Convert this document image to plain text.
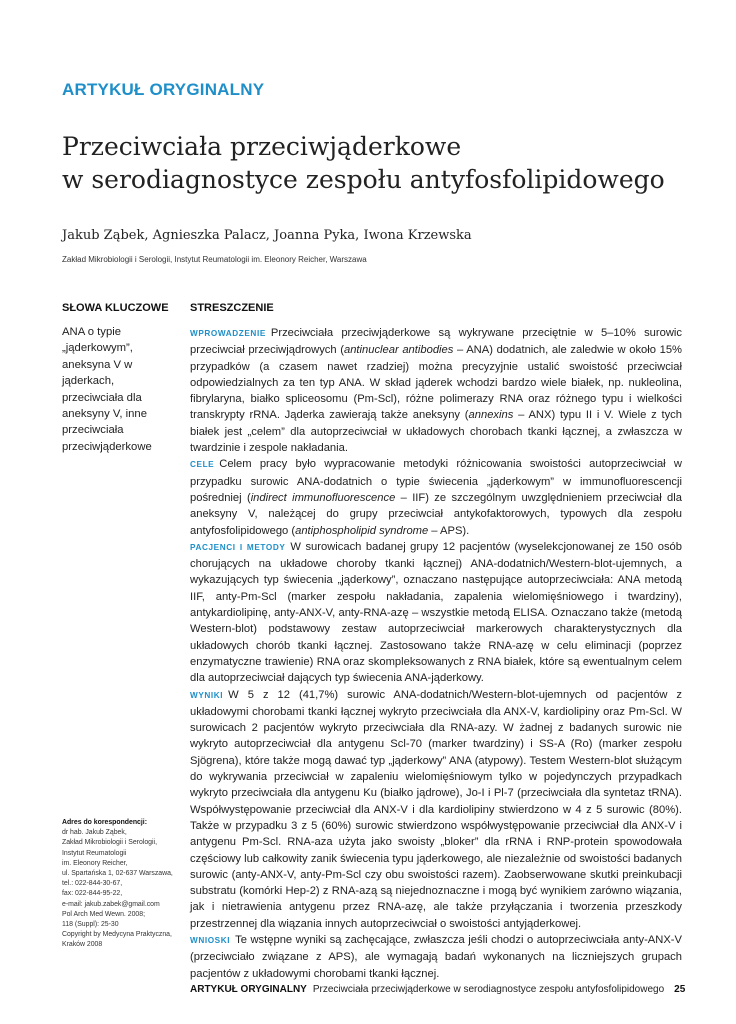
ARTYKUŁ ORYGINALNY
Przeciwciała przeciwjąderkowe
w serodiagnostyce zespołu antyfosfolipidowego
Jakub Ząbek, Agnieszka Palacz, Joanna Pyka, Iwona Krzewska
Zakład Mikrobiologii i Serologii, Instytut Reumatologii im. Eleonory Reicher, Warszawa
SŁOWA KLUCZOWE
ANA o typie „jąderkowym”, aneksyna V w jąderkach, przeciwciała dla aneksyny V, inne przeciwciała przeciwjąderkowe
STRESZCZENIE

WPROWADZENIE Przeciwciała przeciwjąderkowe są wykrywane przeciętnie w 5–10% surowic przeciwciał przeciwjądrowych (antinuclear antibodies – ANA) dodatnich, ale zaledwie w około 15% przypadków (a czasem nawet rzadziej) można precyzyjnie ustalić swoistość przeciwciał odpowiedzialnych za ten typ ANA. W skład jąderek wchodzi bardzo wiele białek, np. nukleolina, fibrylaryna, białko spliceosomu (Pm-Scl), różne polimerazy RNA oraz różnego typu i wielkości transkrypty rRNA. Jąderka zawierają także aneksyny (annexins – ANX) typu II i V. Wiele z tych białek jest „celem” dla autoprzeciwciał w układowych chorobach tkanki łącznej, a zwłaszcza w twardzinie i zespole nakładania.

CELE Celem pracy było wypracowanie metodyki różnicowania swoistości autoprzeciwciał w przypadku surowic ANA-dodatnich o typie świecenia „jąderkowym” w immunofluorescencji pośredniej (indirect immunofluorescence – IIF) ze szczególnym uwzględnieniem przeciwciał dla aneksyny V, należącej do grupy przeciwciał antykofaktorowych, typowych dla zespołu antyfosfolipidowego (antiphospholipid syndrome – APS).

PACJENCI I METODY W surowicach badanej grupy 12 pacjentów (wyselekcjonowanej ze 150 osób chorujących na układowe choroby tkanki łącznej) ANA-dodatnich/Western-blot-ujemnych, a wykazujących typ świecenia „jąderkowy”, oznaczano następujące autoprzeciwciała: ANA metodą IIF, anty-Pm-Scl (marker zespołu nakładania, zapalenia wielomięśniowego i twardziny), antykardiolipinę, anty-ANX-V, anty-RNA-azę – wszystkie metodą ELISA. Oznaczano także (metodą Western-blot) podstawowy zestaw autoprzeciwciał markerowych charakterystycznych dla układowych chorób tkanki łącznej. Zastosowano także RNA-azę w celu eliminacji (poprzez enzymatyczne trawienie) RNA oraz skompleksowanych z RNA białek, które są ewentualnym celem dla autoprzeciwciał dających typ świecenia ANA-jąderkowy.

WYNIKI W 5 z 12 (41,7%) surowic ANA-dodatnich/Western-blot-ujemnych od pacjentów z układowymi chorobami tkanki łącznej wykryto przeciwciała dla ANX-V, kardiolipiny oraz Pm-Scl. W surowicach 2 pacjentów wykryto przeciwciała dla RNA-azy. W żadnej z badanych surowic nie wykryto autoprzeciwciał dla antygenu Scl-70 (marker twardziny) i SS-A (Ro) (marker zespołu Sjögrena), które także mogą dawać typ „jąderkowy” ANA (atypowy). Testem Western-blot służącym do wykrywania przeciwciał w zapaleniu wielomięśniowym tylko w pojedynczych przypadkach wykryto przeciwciała dla antygenu Ku (białko jądrowe), Jo-I i Pl-7 (przeciwciała dla syntetaz tRNA). Współwystępowanie przeciwciał dla ANX-V i dla kardiolipiny stwierdzono w 4 z 5 surowic (80%). Także w przypadku 3 z 5 (60%) surowic stwierdzono współwystępowanie przeciwciał dla ANX-V i antygenu Pm-Scl. RNA-aza użyta jako swoisty „bloker” dla rRNA i RNP-protein spowodowała częściowy lub całkowity zanik świecenia typu jąderkowego, ale niezależnie od swoistości badanych surowic (anty-ANX-V, anty-Pm-Scl czy obu swoistości razem). Zaobserwowane skutki preinkubacji substratu (komórki Hep-2) z RNA-azą są niejednoznaczne i mogą być wynikiem zarówno wiązania, jak i nietrawienia antygenu przez RNA-azę, ale także przyłączania i tworzenia przeszkody przestrzennej dla wiązania innych autoprzeciwciał o swoistości antyjąderkowej.

WNIOSKI Te wstępne wyniki są zachęcające, zwłaszcza jeśli chodzi o autoprzeciwciała anty-ANX-V (przeciwciało związane z APS), ale wymagają badań wykonanych na liczniejszych grupach pacjentów z układowymi chorobami tkanki łącznej.

Adres do korespondencji:
dr hab. Jakub Ząbek,
Zakład Mikrobiologii i Serologii,
Instytut Reumatologii
im. Eleonory Reicher,
ul. Spartańska 1, 02-637 Warszawa,
tel.: 022-844-30-67,
fax: 022-844-95-22,
e-mail: jakub.zabek@gmail.com
Pol Arch Med Wewn. 2008;
118 (Suppl): 25-30
Copyright by Medycyna Praktyczna,
Kraków 2008
ARTYKUŁ ORYGINALNY Przeciwciała przeciwjąderkowe w serodiagnostyce zespołu antyfosfolipidowego 25
